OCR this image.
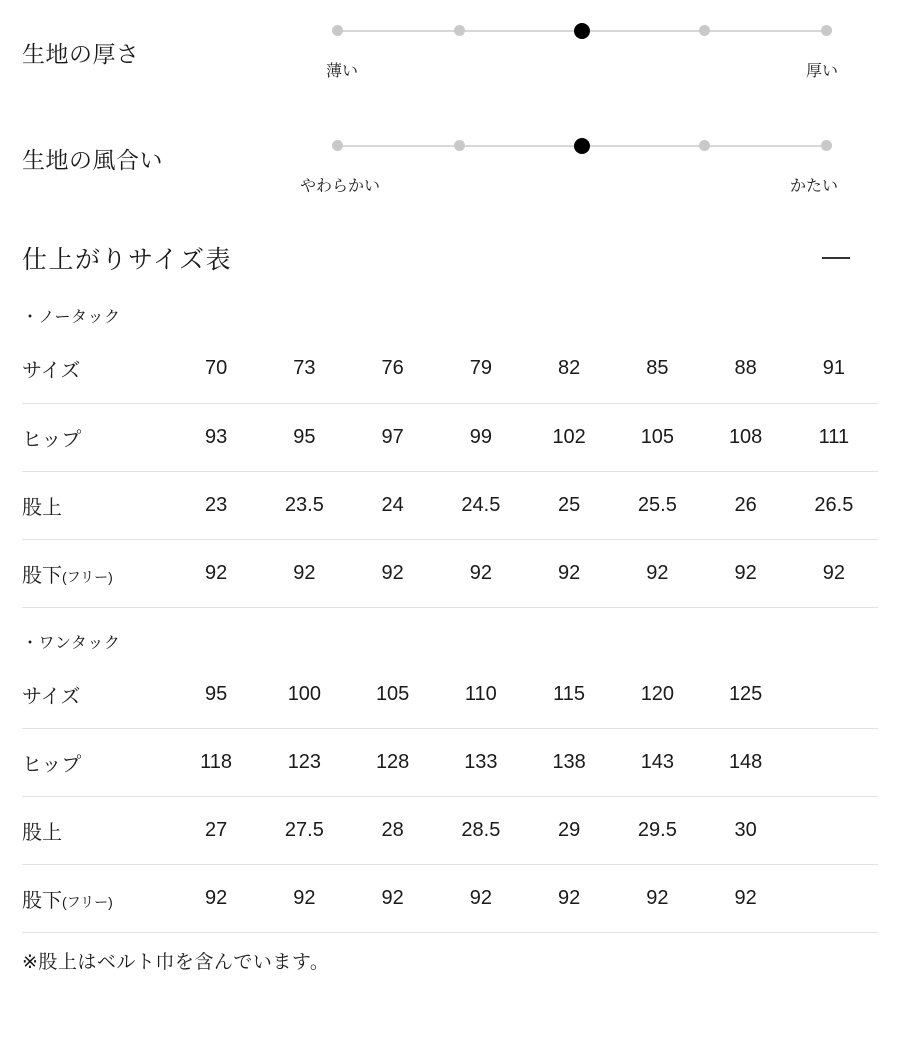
生地の厚さ
薄い	厚い
生地の風合い
やわらかい	かたい
仕上がりサイズ表
・ノータック
サイズ	70	73	76	79	82	85	88	91
ヒップ	93	95	97	99	102	105	108	111
股上	23	23.5	24	24.5	25	25.5	26	26.5
股下(フリー)	92	92	92	92	92	92	92	92
・ワンタック
サイズ	95	100	105	110	115	120	125	
ヒップ	118	123	128	133	138	143	148	
股上	27	27.5	28	28.5	29	29.5	30	
股下(フリー)	92	92	92	92	92	92	92	
※股上はベルト巾を含んでいます。
